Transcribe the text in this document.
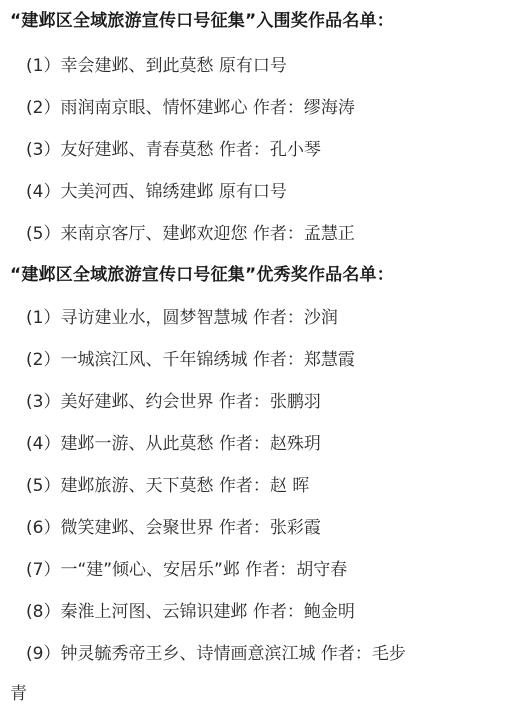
“建邺区全域旅游宣传口号征集”入围奖作品名单：
(1）幸会建邺、到此莫愁 原有口号
(2）雨润南京眼、情怀建邺心 作者：缪海涛
(3）友好建邺、青春莫愁 作者：孔小琴
(4）大美河西、锦绣建邺 原有口号
(5）来南京客厅、建邺欢迎您 作者：孟慧正
“建邺区全域旅游宣传口号征集”优秀奖作品名单：
(1）寻访建业水，圆梦智慧城 作者：沙润
(2）一城滨江风、千年锦绣城 作者：郑慧霞
(3）美好建邺、约会世界 作者：张鹏羽
(4）建邺一游、从此莫愁 作者：赵殊玥
(5）建邺旅游、天下莫愁 作者：赵 晖
(6）微笑建邺、会聚世界 作者：张彩霞
(7）一“建”倾心、安居乐”邺 作者：胡守春
(8）秦淮上河图、云锦识建邺 作者：鲍金明
(9）钟灵毓秀帝王乡、诗情画意滨江城 作者：毛步
青
